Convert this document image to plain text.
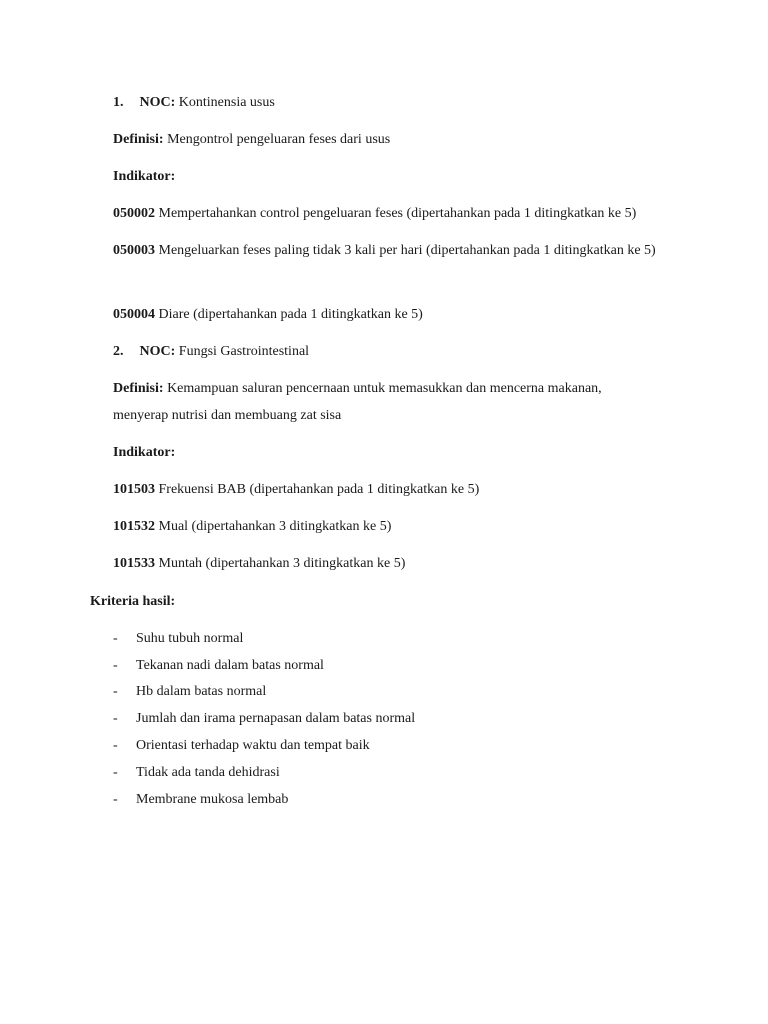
1. NOC: Kontinensia usus
Definisi: Mengontrol pengeluaran feses dari usus
Indikator:
050002 Mempertahankan control pengeluaran feses (dipertahankan pada 1 ditingkatkan ke 5)
050003 Mengeluarkan feses paling tidak 3 kali per hari (dipertahankan pada 1 ditingkatkan ke 5)
050004 Diare (dipertahankan pada 1 ditingkatkan ke 5)
2. NOC: Fungsi Gastrointestinal
Definisi: Kemampuan saluran pencernaan untuk memasukkan dan mencerna makanan, menyerap nutrisi dan membuang zat sisa
Indikator:
101503 Frekuensi BAB (dipertahankan pada 1 ditingkatkan ke 5)
101532 Mual (dipertahankan 3 ditingkatkan ke 5)
101533 Muntah (dipertahankan 3 ditingkatkan ke 5)
Kriteria hasil:
- Suhu tubuh normal
- Tekanan nadi dalam batas normal
- Hb dalam batas normal
- Jumlah dan irama pernapasan dalam batas normal
- Orientasi terhadap waktu dan tempat baik
- Tidak ada tanda dehidrasi
- Membrane mukosa lembab
